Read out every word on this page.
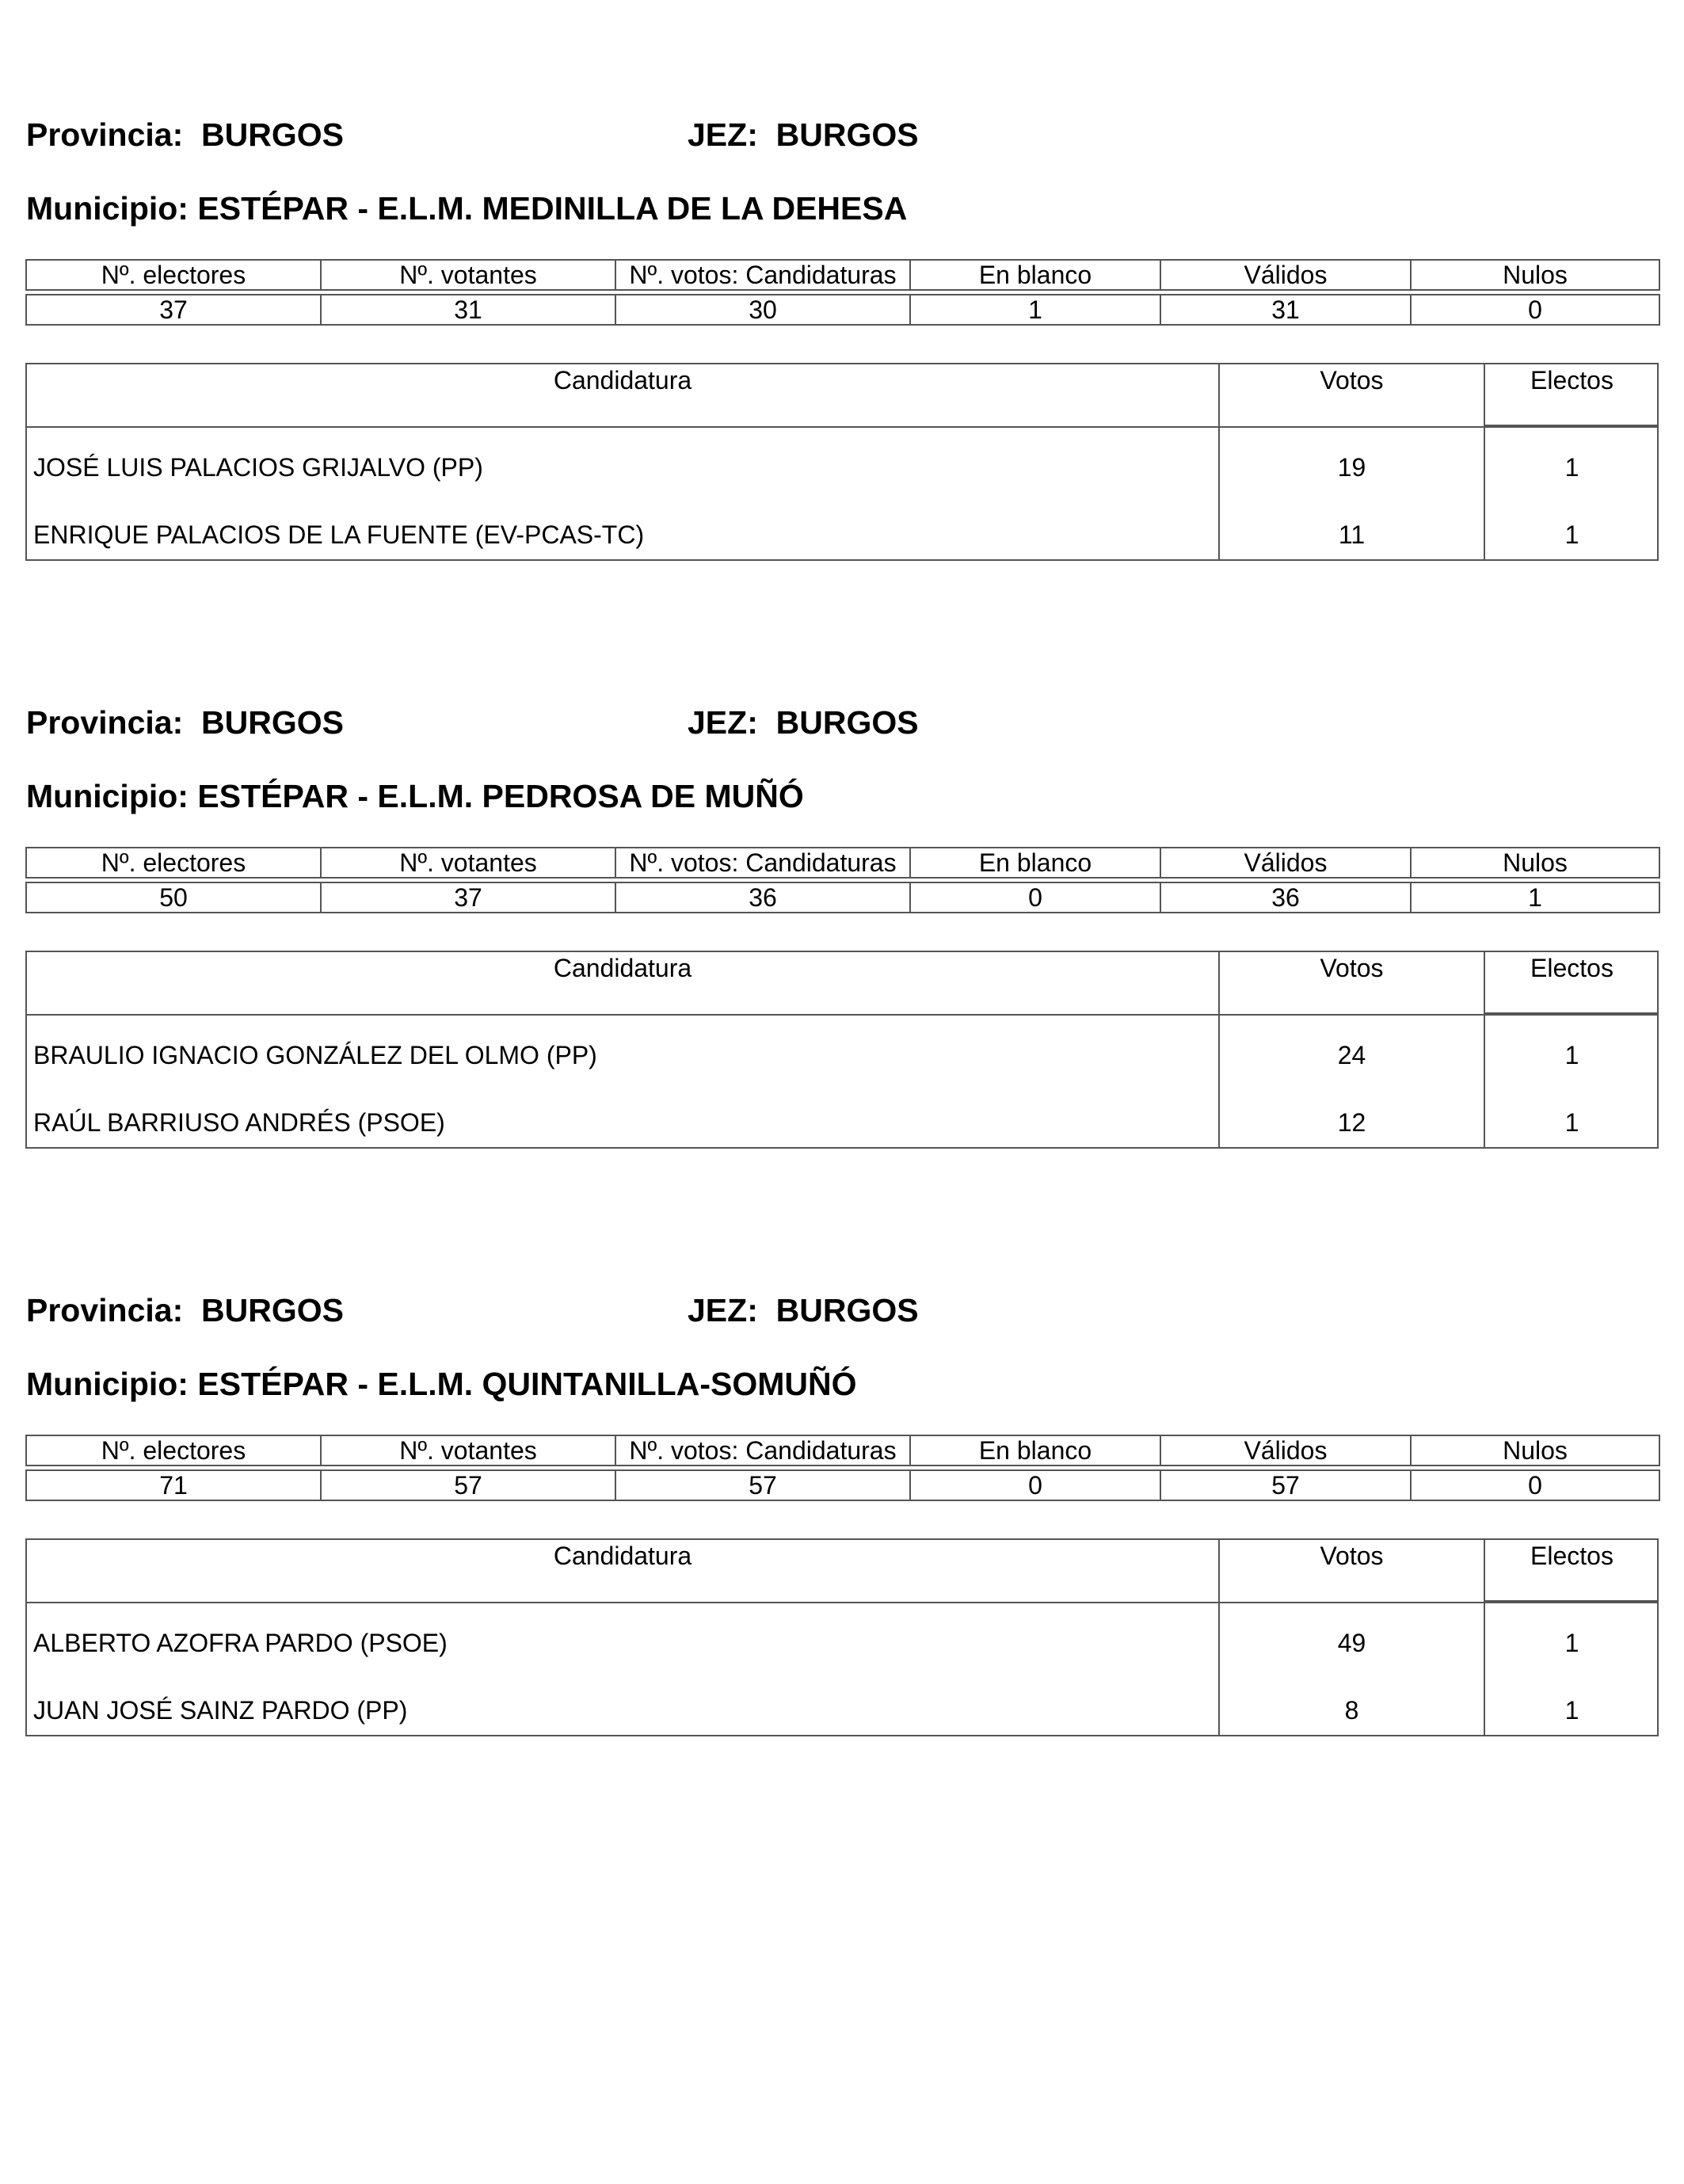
Provincia: BURGOS	JEZ: BURGOS
Municipio: ESTÉPAR - E.L.M. MEDINILLA DE LA DEHESA
Nº. electores	Nº. votantes	Nº. votos: Candidaturas	En blanco	Válidos	Nulos

37	31	30	1	31	0
Candidatura	Votos	Electos
JOSÉ LUIS PALACIOS GRIJALVO (PP)	19	1
ENRIQUE PALACIOS DE LA FUENTE (EV-PCAS-TC)	11	1
Provincia: BURGOS	JEZ: BURGOS
Municipio: ESTÉPAR - E.L.M. PEDROSA DE MUÑÓ
Nº. electores	Nº. votantes	Nº. votos: Candidaturas	En blanco	Válidos	Nulos

50	37	36	0	36	1
Candidatura	Votos	Electos
BRAULIO IGNACIO GONZÁLEZ DEL OLMO (PP)	24	1
RAÚL BARRIUSO ANDRÉS (PSOE)	12	1
Provincia: BURGOS	JEZ: BURGOS
Municipio: ESTÉPAR - E.L.M. QUINTANILLA-SOMUÑÓ
Nº. electores	Nº. votantes	Nº. votos: Candidaturas	En blanco	Válidos	Nulos

71	57	57	0	57	0
Candidatura	Votos	Electos
ALBERTO AZOFRA PARDO (PSOE)	49	1
JUAN JOSÉ SAINZ PARDO (PP)	8	1
